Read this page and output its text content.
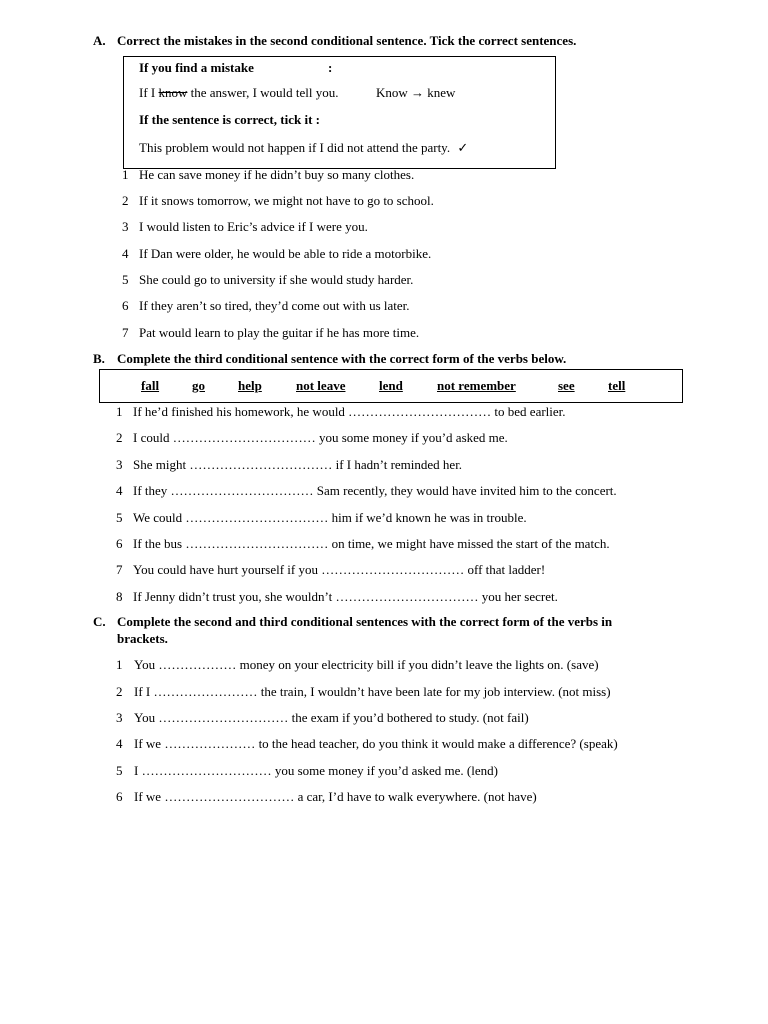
A. Correct the mistakes in the second conditional sentence. Tick the correct sentences.
If you find a mistake	:
If I know the answer, I would tell you.	Know → knew
If the sentence is correct, tick it :
This problem would not happen if I did not attend the party. ✓
1 He can save money if he didn’t buy so many clothes.
2 If it snows tomorrow, we might not have to go to school.
3 I would listen to Eric’s advice if I were you.
4 If Dan were older, he would be able to ride a motorbike.
5 She could go to university if she would study harder.
6 If they aren’t so tired, they’d come out with us later.
7 Pat would learn to play the guitar if he has more time.
B. Complete the third conditional sentence with the correct form of the verbs below.
fall	go	help	not leave	lend	not remember	see	tell
1 If he’d finished his homework, he would …………………………… to bed earlier.
2 I could …………………………… you some money if you’d asked me.
3 She might …………………………… if I hadn’t reminded her.
4 If they …………………………… Sam recently, they would have invited him to the concert.
5 We could …………………………… him if we’d known he was in trouble.
6 If the bus …………………………… on time, we might have missed the start of the match.
7 You could have hurt yourself if you …………………………… off that ladder!
8 If Jenny didn’t trust you, she wouldn’t …………………………… you her secret.
C. Complete the second and third conditional sentences with the correct form of the verbs in
brackets.
1 You ……………… money on your electricity bill if you didn’t leave the lights on. (save)
2 If I …………………… the train, I wouldn’t have been late for my job interview. (not miss)
3 You ………………………… the exam if you’d bothered to study. (not fail)
4 If we ………………… to the head teacher, do you think it would make a difference? (speak)
5 I ………………………… you some money if you’d asked me. (lend)
6 If we ………………………… a car, I’d have to walk everywhere. (not have)
